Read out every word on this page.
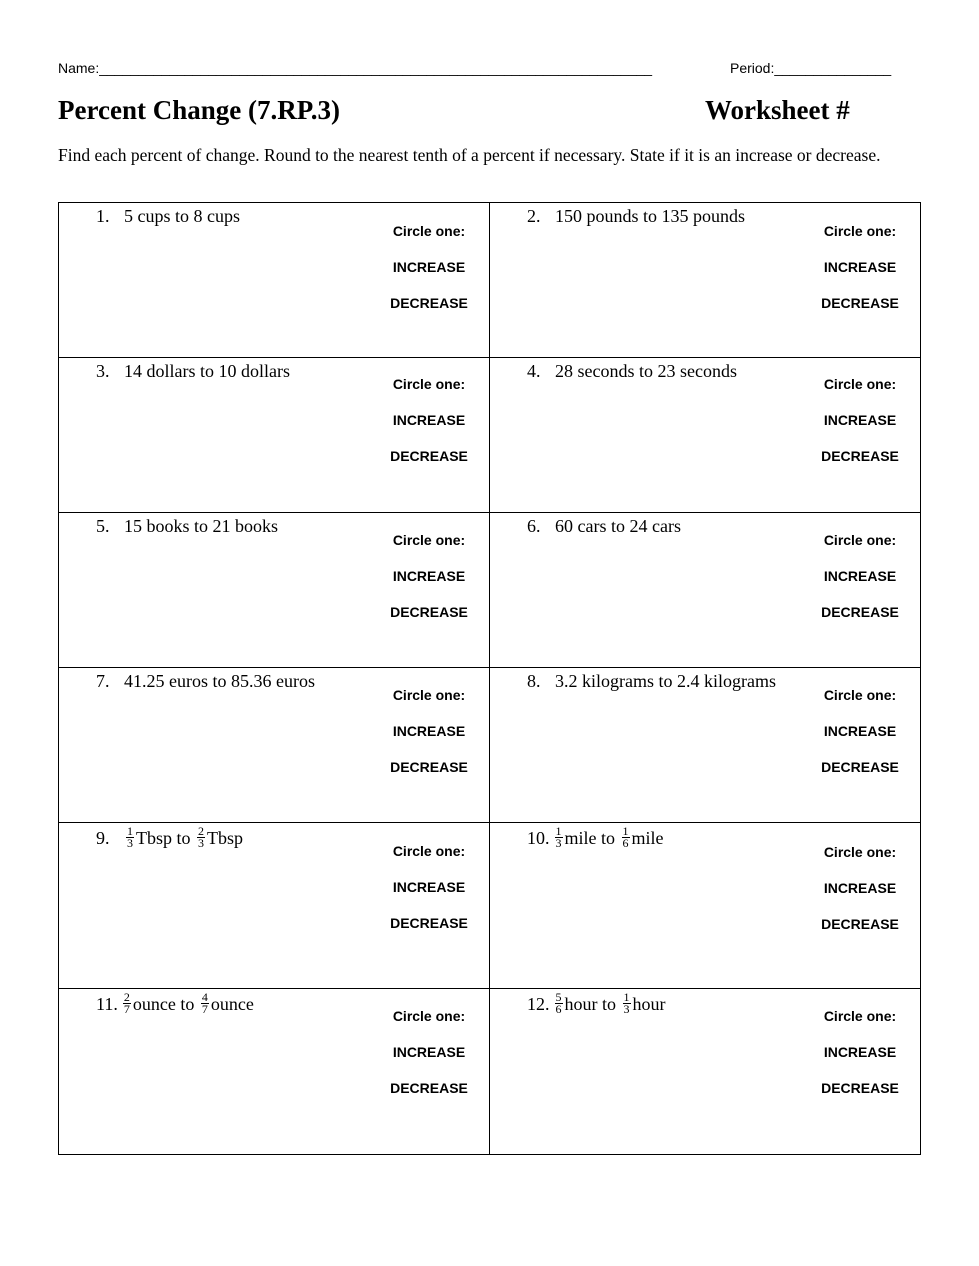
Name:_______________________________________________________________________	Period:_______________
Percent Change (7.RP.3)	Worksheet #
Find each percent of change. Round to the nearest tenth of a percent if necessary. State if it is an increase or decrease.
1. 5 cups to 8 cups
Circle one:
INCREASE
DECREASE
2. 150 pounds to 135 pounds
Circle one:
INCREASE
DECREASE
3. 14 dollars to 10 dollars
Circle one:
INCREASE
DECREASE
4. 28 seconds to 23 seconds
Circle one:
INCREASE
DECREASE
5. 15 books to 21 books
Circle one:
INCREASE
DECREASE
6. 60 cars to 24 cars
Circle one:
INCREASE
DECREASE
7. 41.25 euros to 85.36 euros
Circle one:
INCREASE
DECREASE
8. 3.2 kilograms to 2.4 kilograms
Circle one:
INCREASE
DECREASE
9. $\frac{1}{3}$ Tbsp to $\frac{2}{3}$ Tbsp
Circle one:
INCREASE
DECREASE
10. $\frac{1}{3}$ mile to $\frac{1}{6}$ mile
Circle one:
INCREASE
DECREASE
11. $\frac{2}{7}$ ounce to $\frac{4}{7}$ ounce
Circle one:
INCREASE
DECREASE
12. $\frac{5}{6}$ hour to $\frac{1}{3}$ hour
Circle one:
INCREASE
DECREASE
